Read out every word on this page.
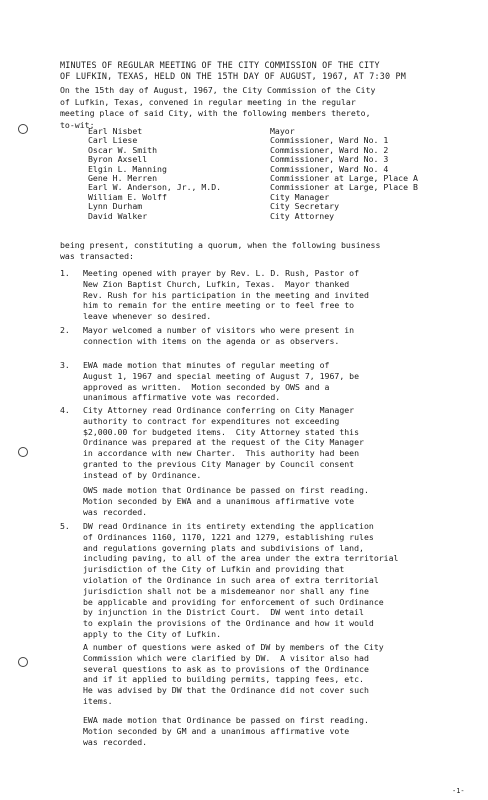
MINUTES OF REGULAR MEETING OF THE CITY COMMISSION OF THE CITY
OF LUFKIN, TEXAS, HELD ON THE 15TH DAY OF AUGUST, 1967, AT 7:30 PM
On the 15th day of August, 1967, the City Commission of the City
of Lufkin, Texas, convened in regular meeting in the regular
meeting place of said City, with the following members thereto,
to-wit:
Earl Nisbet	Mayor
Carl Liese	Commissioner, Ward No. 1
Oscar W. Smith	Commissioner, Ward No. 2
Byron Axsell	Commissioner, Ward No. 3
Elgin L. Manning	Commissioner, Ward No. 4
Gene H. Merren	Commissioner at Large, Place A
Earl W. Anderson, Jr., M.D.	Commissioner at Large, Place B
William E. Wolff	City Manager
Lynn Durham	City Secretary
David Walker	City Attorney
being present, constituting a quorum, when the following business
was transacted:
1. Meeting opened with prayer by Rev. L. D. Rush, Pastor of
New Zion Baptist Church, Lufkin, Texas.  Mayor thanked
Rev. Rush for his participation in the meeting and invited
him to remain for the entire meeting or to feel free to
leave whenever so desired.
2. Mayor welcomed a number of visitors who were present in
connection with items on the agenda or as observers.
3. EWA made motion that minutes of regular meeting of
August 1, 1967 and special meeting of August 7, 1967, be
approved as written.  Motion seconded by OWS and a
unanimous affirmative vote was recorded.
4. City Attorney read Ordinance conferring on City Manager
authority to contract for expenditures not exceeding
$2,000.00 for budgeted items.  City Attorney stated this
Ordinance was prepared at the request of the City Manager
in accordance with new Charter.  This authority had been
granted to the previous City Manager by Council consent
instead of by Ordinance.
OWS made motion that Ordinance be passed on first reading.
Motion seconded by EWA and a unanimous affirmative vote
was recorded.
5. DW read Ordinance in its entirety extending the application
of Ordinances 1160, 1170, 1221 and 1279, establishing rules
and regulations governing plats and subdivisions of land,
including paving, to all of the area under the extra territorial
jurisdiction of the City of Lufkin and providing that
violation of the Ordinance in such area of extra territorial
jurisdiction shall not be a misdemeanor nor shall any fine
be applicable and providing for enforcement of such Ordinance
by injunction in the District Court.  DW went into detail
to explain the provisions of the Ordinance and how it would
apply to the City of Lufkin.
A number of questions were asked of DW by members of the City
Commission which were clarified by DW.  A visitor also had
several questions to ask as to provisions of the Ordinance
and if it applied to building permits, tapping fees, etc.
He was advised by DW that the Ordinance did not cover such
items.
EWA made motion that Ordinance be passed on first reading.
Motion seconded by GM and a unanimous affirmative vote
was recorded.
-1-
